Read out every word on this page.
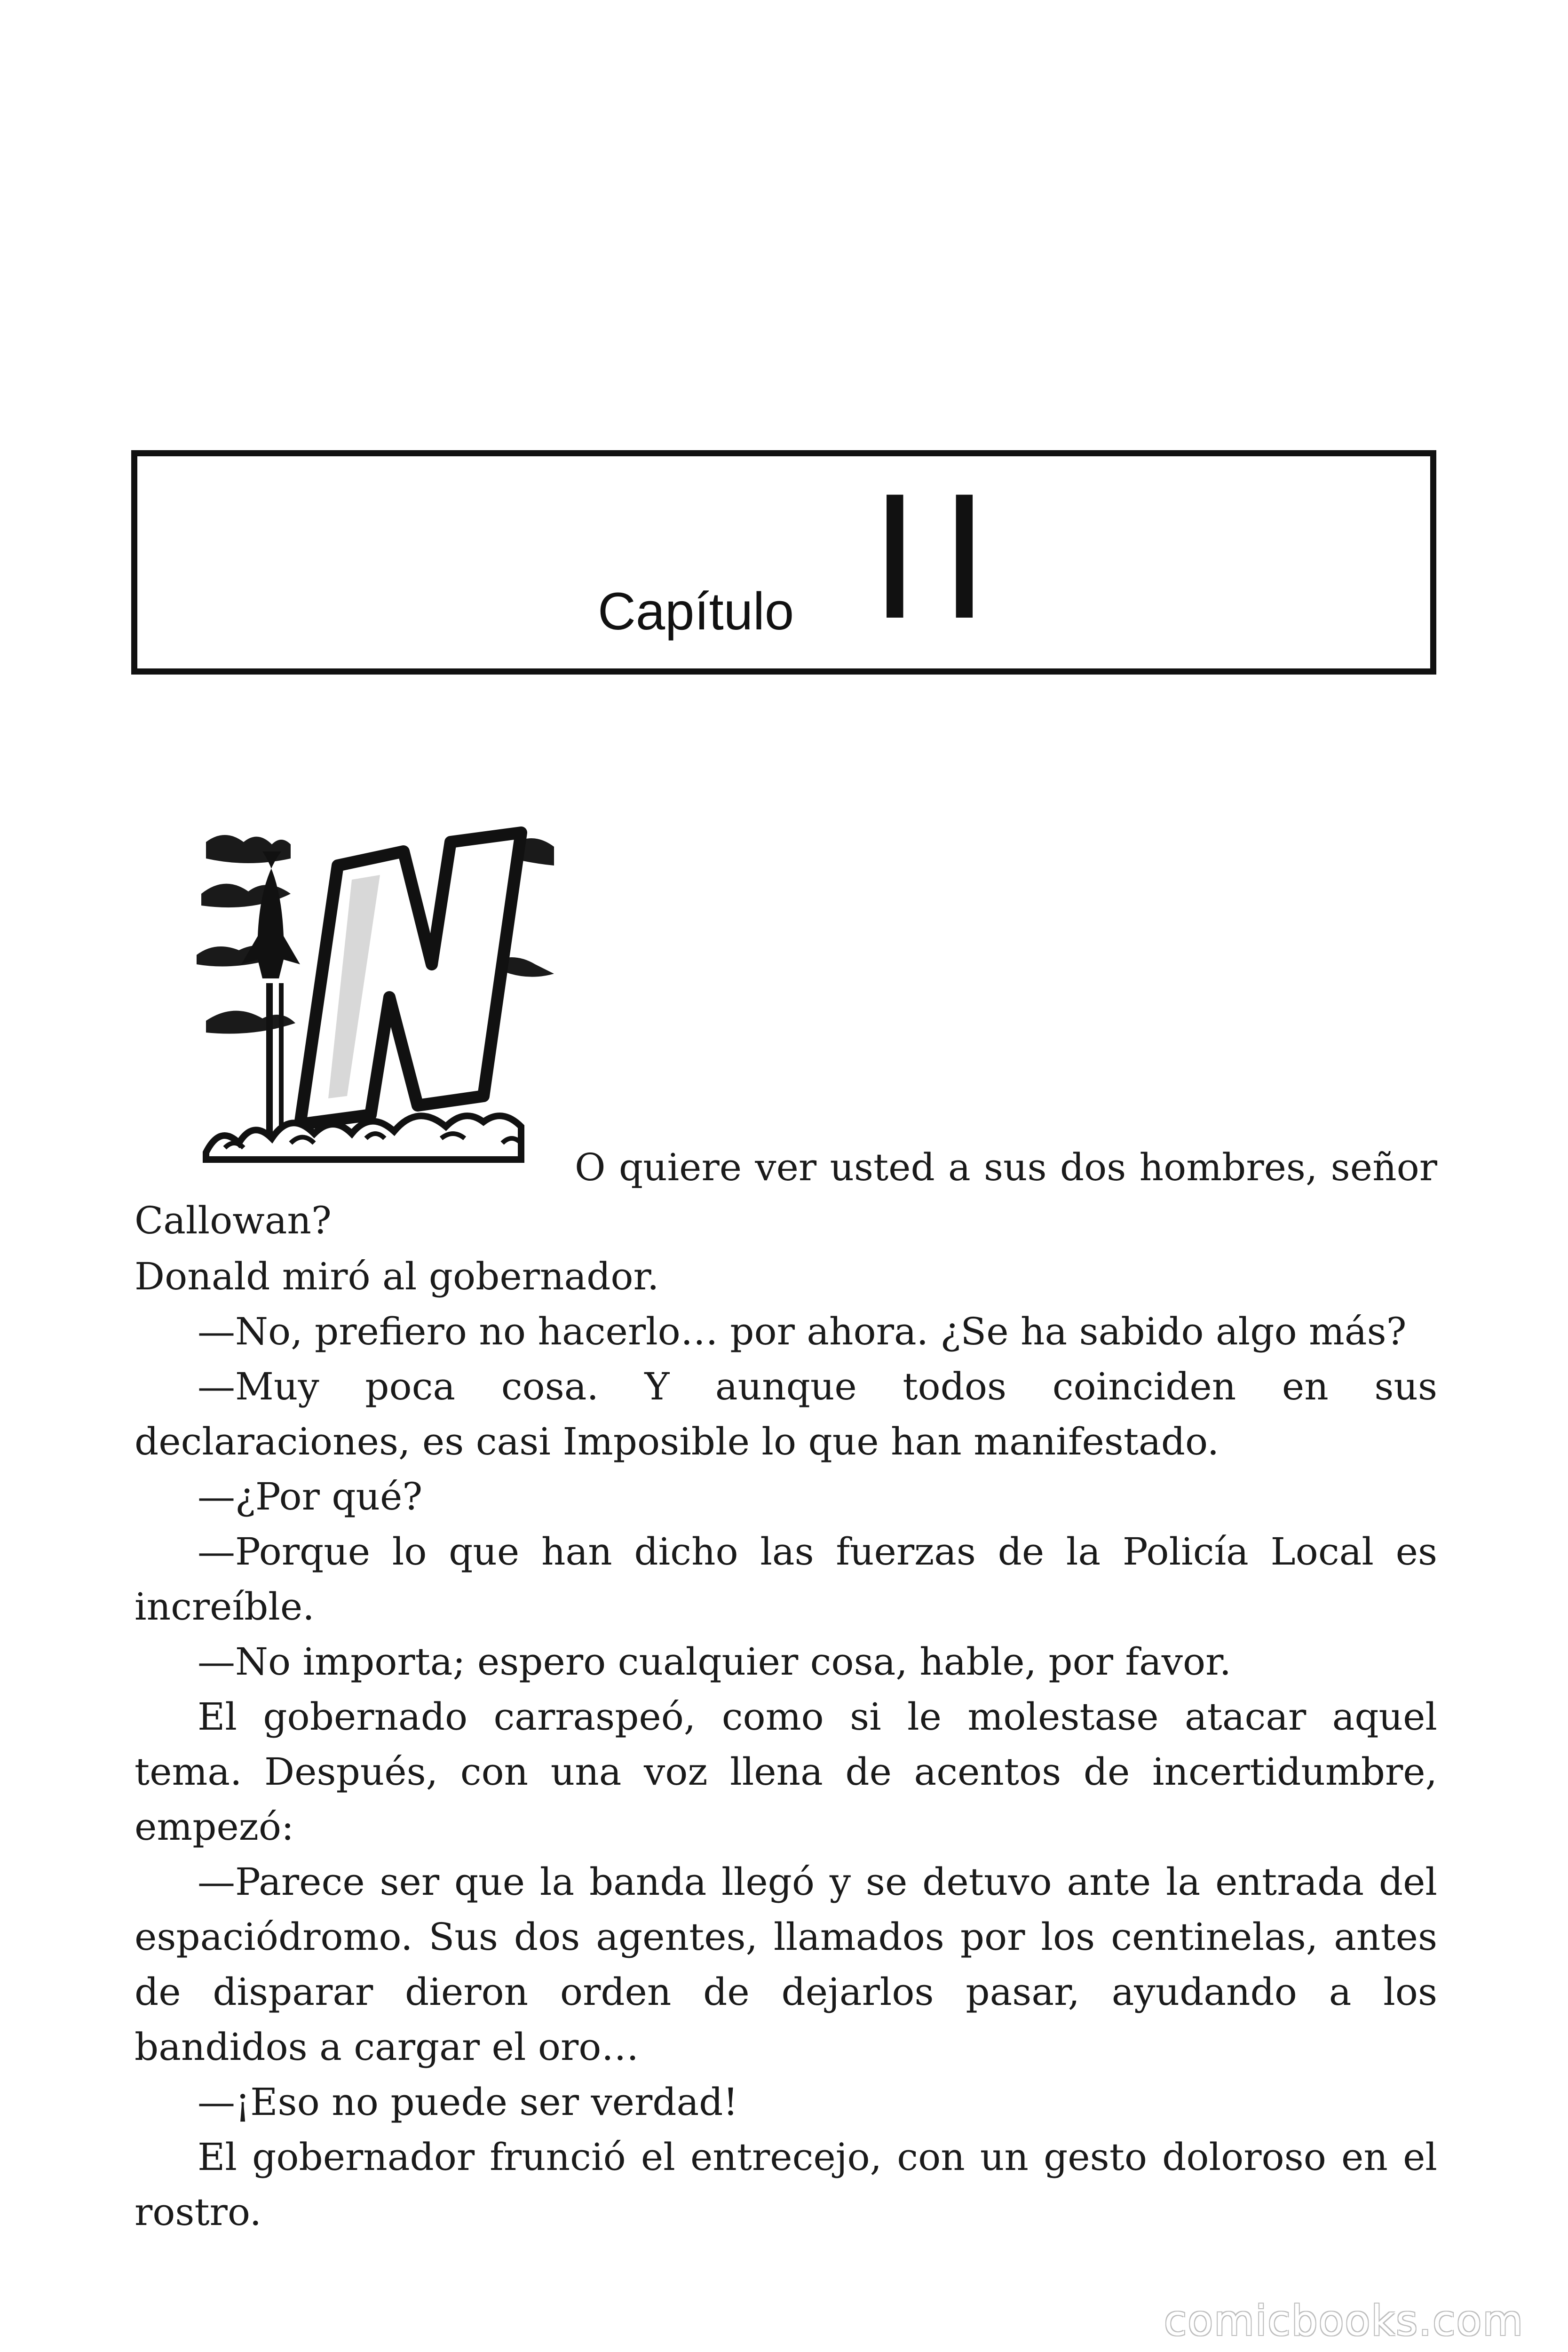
Capítulo II

O quiere ver usted a sus dos hombres, señor Callowan?

Donald miró al gobernador.

—No, prefiero no hacerlo… por ahora. ¿Se ha sabido algo más?

—Muy poca cosa. Y aunque todos coinciden en sus declaraciones, es casi Imposible lo que han manifestado.

—¿Por qué?

—Porque lo que han dicho las fuerzas de la Policía Local es increíble.

—No importa; espero cualquier cosa, hable, por favor.

El gobernado carraspeó, como si le molestase atacar aquel tema. Después, con una voz llena de acentos de incertidumbre, empezó:

—Parece ser que la banda llegó y se detuvo ante la entrada del espaciódromo. Sus dos agentes, llamados por los centinelas, antes de disparar dieron orden de dejarlos pasar, ayudando a los bandidos a cargar el oro…

—¡Eso no puede ser verdad!

El gobernador frunció el entrecejo, con un gesto doloroso en el rostro.

comicbooks.com
